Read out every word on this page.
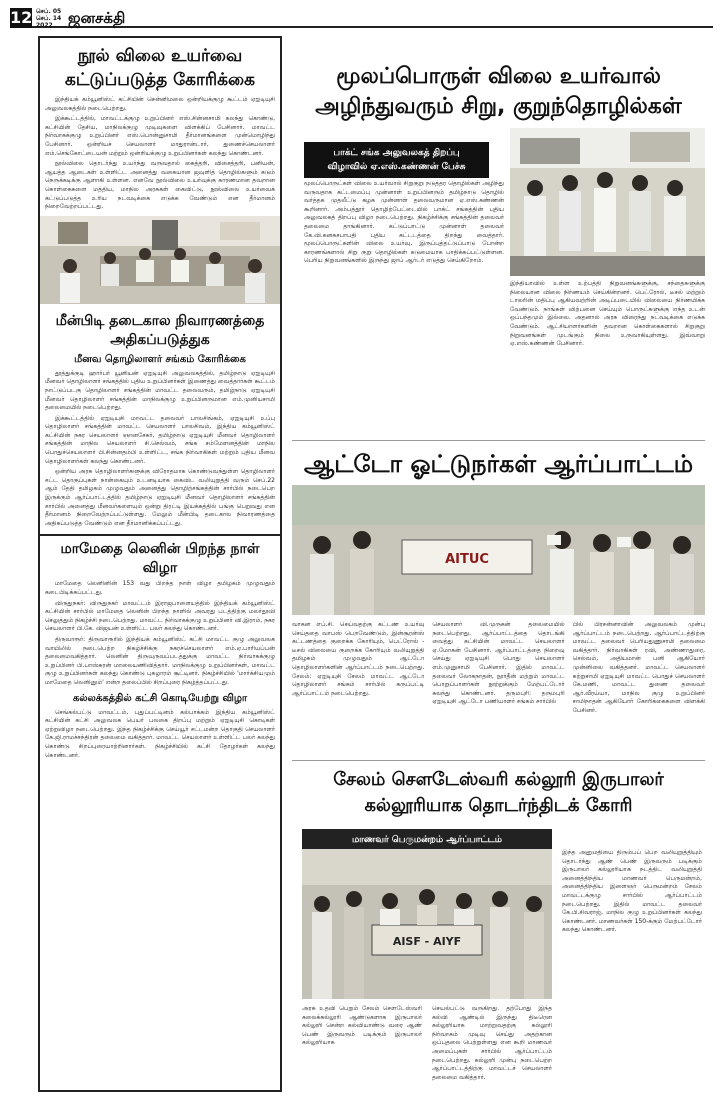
12 செப். 05
செப். 14
2022	ஜனசக்தி
நூல் விலை உயர்வை கட்டுப்படுத்த கோரிக்கை

இந்தியக் கம்யூனிஸ்ட் கட்சியின் சென்னிமலை ஒன்றியக்குழு கூட்டம் ஏஐடியுசி அலுவலகத்தில் நடைபெற்றது.

இக்கூட்டத்தில், மாவட்டக்குழு உறுப்பினர் எஸ்.சின்னசாமி கலந்து கொண்டு, கட்சியின் தேசிய, மாநிலக்குழு முடிவுகளை விளக்கிப் பேசினார். மாவட்ட நிர்வாகக்குழு உறுப்பினர் எஸ்.பொன்னுசாமி தீர்மானங்களை முன்மொழிந்து பேசினார். ஒன்றியச் செயலாளர் மாதுரான்டார், துணைச்செயலாளர் எம்.செங்கோட்டையன் மற்றும் ஒன்றியக்குழு உறுப்பினர்கள் கலந்து கொண்டனர்.

நூல்விலை தொடர்ந்து உயர்ந்து வருவதால் கைத்தறி, விசைத்தறி, பனியன், ஆயத்த ஆடைகள் உள்ளிட்ட அனைத்து வகையான ஜவுளித் தொழில்களும் கடும் நெருக்கடிக்கு ஆளாகி உள்ளன. எனவே நூல்விலை உயர்வுக்கு காரணமான தவறான கொள்கைகளை மத்திய, மாநில அரசுகள் கைவிட்டு, நூல்விலை உயர்வைக் கட்டுப்படுத்த உரிய நடவடிக்கை எடுக்க வேண்டும் என தீர்மானம் நிறைவேற்றப்பட்டது.

மீன்பிடி தடைகால நிவாரணத்தை அதிகப்படுத்துக
மீனவ தொழிலாளர் சங்கம் கோரிக்கை

தூத்துக்குடி ஹார்பர் யூனியன் ஏஐடியுசி அலுவலகத்தில், தமிழ்நாடு ஏஐடியுசி மீனவர் தொழிலாளர் சங்கத்தில் புதிய உறுப்பினர்கள் இணைத்து வைத்தார்கள் கூட்டம் நாட்டுப்படகு தொழிலாளர் சங்கத்தின் மாவட்ட தலைவரும், தமிழ்நாடு ஏஐடியுசி மீனவர் தொழிலாளர் சங்கத்தின் மாநிலக்குழு உறுப்பினருமான எம்.முனியசாமி தலைமையில் நடைபெற்றது.

இக்கூட்டத்தில் ஏஐடியுசி மாவட்ட தலைவர் பாலசிங்கம், ஏஐடியுசி உப்பு தொழிலாளர் சங்கத்தின் மாவட்ட செயலாளர் பாலசிவம், இந்திய கம்யூனிஸ்ட் கட்சியின் நகர செயலாளர் ஞானசேகர், தமிழ்நாடு ஏஐடியுசி மீனவர் தொழிலாளர் சங்கத்தின் மாநில செயலாளர் சி.செல்வம், சங்க சம்மேளனத்தின் மாநில பொதுச்செயலாளர் பி.சின்னதம்பி உள்ளிட்ட, சங்க நிர்வாகிகள் மற்றும் புதிய மீனவ தொழிலாளர்கள் கலந்து கொண்டனர்.

ஒன்றிய அரசு தொழிலாளர்களுக்கு விரோதமாக கொண்டுவந்துள்ள தொழிலாளர் சட்ட தொகுப்புகள் நான்கையும் உடனடியாக கைவிட வலியுறுத்தி வரும் செப்.22 ஆம் தேதி தமிழகம் முழுவதும் அனைத்து தொழிற்சங்கத்தின் சார்பில் நடைபெற இருக்கும் ஆர்ப்பாட்டத்தில் தமிழ்நாடு ஏஐடியுசி மீனவர் தொழிலாளர் சங்கத்தின் சார்பில் அனைத்து மீனவர்களையும் ஒன்று திரட்டி இயக்கத்தில் பங்கு பெறுவது என தீர்மானம் நிறைவேற்றப்பட்டுள்ளது. மேலும் மீன்பிடி தடைகால நிவாரணத்தை அதிகப்படுத்த வேண்டும் என தீர்மானிக்கப்பட்டது.

மாமேதை லெனின் பிறந்த நாள் விழா

மாமேதை லெனினின் 153 வது பிறந்த நாள் விழா தமிழகம் முழுவதும் கடைபிடிக்கப்பட்டது.

விருதுநகர்: விருதுநகர் மாவட்டம் இராஜபாளையத்தில் இந்தியக் கம்யூனிஸ்ட் கட்சியின் சார்பில் மாமேதை லெனின் பிறந்த நாளில் அவரது படத்திற்கு மலர்தூவி செலுத்தும் நிகழ்ச்சி நடைபெற்றது. மாவட்ட நிர்வாகக்குழு உறுப்பினர் வி.இராம், நகர செயலாளர் பி.கே. விஜயன் உள்ளிட்ட பலர் கலந்து கொண்டனர்.

திருவாரூர்: திருவாரூரில் இந்தியக் கம்யூனிஸ்ட் கட்சி மாவட்ட குழு அலுவலக வாயிலில் நடைபெற்ற நிகழ்ச்சிக்கு நகரச்செயலாளர் எம்.ஏ.பாரியப்பன் தலைமைவகித்தார். லெனின் திருவுருவப்படத்துக்கு மாவட்ட நிர்வாகக்குழு உறுப்பினர் பி.பாஸ்கரன் மாலையணிவித்தார். மாநிலக்குழு உறுப்பினர்கள், மாவட்ட குழு உறுப்பினர்கள் கலந்து கொண்டு புகழாரம் சூட்டினர். நிகழ்ச்சியில் 'மார்க்சியமும் மாமேதை லெனினும்' என்ற தலைப்பில் சிறப்புரை நிகழ்த்தப்பட்டது.

கல்லக்கத்தில் கட்சி கொடியேற்று விழா

செங்கல்பட்டு மாவட்டம், புதுப்பட்டினம் கல்பாக்கம் இந்திய கம்யூனிஸ்ட் கட்சியின் கட்சி அலுவலக பெயர் பலகை திறப்பு மற்றும் ஏஐடியுசி கொடிகள் ஏற்றுவிழா நடைபெற்றது. இந்த நிகழ்ச்சிக்கு செய்யூர் சட்டமன்ற தொகுதி செயலாளர் கே.ஜி.ராமச்சந்திரன் தலைமை வகித்தார். மாவட்ட செயலாளர் உள்ளிட்ட பலர் கலந்து கொண்டு சிறப்புரையாற்றினார்கள். நிகழ்ச்சியில் கட்சி தோழர்கள் கலந்து கொண்டனர்.

மூலப்பொருள் விலை உயர்வால் அழிந்துவரும் சிறு, குறுந்தொழில்கள்
பாக்ட் சங்க அலுவலகத் திறப்பு விழாவில் ஏ.எஸ்.கண்ணன் பேச்சு
மூலப்பொருட்கள் விலை உயர்வால் சிறுகுறு நடுத்தர தொழில்கள் அழிந்து வருவதாக கட்டமைப்பு முன்னாள் உறுப்பினரும் தமிழ்நாடு தொழில் வர்த்தக முதலீட்டு கழக முன்னாள் தலைவருமான ஏ.எஸ்.கண்ணன் கூறினார். அம்பத்தூர் தொழிற்பேட்டையில் பாக்ட் சங்கத்தின் புதிய அலுவலகத் திறப்பு விழா நடைபெற்றது. நிகழ்ச்சிக்கு சங்கத்தின் தலைவர் தலைமை தாங்கினார். கட்டுப்பாட்டு முன்னாள் தலைவர் கே.வி.கனகசபாபதி புதிய கட்டடத்தை திறந்து வைத்தார். மூலப்பொருட்களின் விலை உயர்வு, இருப்புத்தட்டுப்பாடு போன்ற காரணங்களால் சிறு குறு தொழில்கள் கடுமையாக பாதிக்கப்பட்டுள்ளன. பெரிய நிறுவனங்களில் இருந்து ஜாப் ஆர்டர் எடுத்து செய்கிறோம்.
இந்தியாவில் உள்ள உற்பத்தி நிறுவனங்களுக்கு, சந்தைகளுக்கு நிலையான விலை நிர்ணயம் செய்கின்றனர். பெட்ரோல், டீசல் மற்றும் டாலரின் மதிப்பு ஆகியவற்றின் அடிப்படையில் விலையை நிர்ணயிக்க வேண்டும். நாங்கள் விற்பனை செய்யும் பொருட்களுக்கு எந்த உடன் ஒப்பந்தமும் இல்லை. அதனால் அரசு விரைந்து நடவடிக்கை எடுக்க வேண்டும். ஆட்சியாளர்களின் தவறான கொள்கைகளால் சிறுகுறு நிறுவனங்கள் முடங்கும் நிலை உருவாகியுள்ளது. இவ்வாறு ஏ.எஸ்.கண்ணன் பேசினார்.
ஆட்டோ ஓட்டுநர்கள் ஆர்ப்பாட்டம்
AITUC
வாகன எப்.சி. செய்வதற்கு கட்டண உயர்வு செய்ததை வாபஸ் பெறவேண்டும், இன்சூரன்ஸ் கட்டணத்தை குறைக்க கோரியும், பெட்ரோல் - டீசல் விலையை குறைக்க கோரியும் வலியுறுத்தி தமிழகம் முழுவதும் ஆட்டோ தொழிலாளர்களின் ஆர்ப்பாட்டம் நடைபெற்றது. சேலம்: ஏஐடியுசி சேலம் மாவட்ட ஆட்டோ தொழிலாளர் சங்கம் சார்பில் கருப்பட்டி ஆர்ப்பாட்டம் நடைபெற்றது.
செயலாளர் வி.முருகன் தலைமையில் நடைபெற்றது. ஆர்ப்பாட்டத்தை தொடங்கி வைத்து கட்சியின் மாவட்ட செயலாளர் ஏ.மோகன் பேசினார். ஆர்ப்பாட்டத்தை நிறைவு செய்து ஏஐடியுசி பொது செயலாளர் எம்.முனுசாமி பேசினார். இதில் மாவட்ட தலைவர் லோகநாதன், நூர்தீன் மற்றும் மாவட்ட பொறுப்பாளர்கள் நூற்றுக்கும் மேற்பட்டோர் கலந்து கொண்டனர். தருமபுரி: தருமபுரி ஏஐடியுசி ஆட்டோ பணியாளர் சங்கம் சார்பில்
பில் பிரசன்னாவின் அலுவலகம் முன்பு ஆர்ப்பாட்டம் நடைபெற்றது. ஆர்ப்பாட்டத்திற்கு மாவட்ட தலைவர் பெரியதுணுசாமி தலைமை வகித்தார். நிர்வாகிகள் ரவி, அண்ணாதுரை, செல்வம், அதியமான் பனி ஆகியோர் முன்னிலை வகித்தனர். மாவட்ட செயலாளர் சுற்றுசாமி ஏஐடியுசி மாவட்ட பொதுச் செயலாளர் கே.மணி, மாவட்ட துணை தலைவர் ஆர்.வீரய்யா, மாநில குழு உறுப்பினர் சாமிநாதன் ஆகியோர் கோரிக்கைகளை விளக்கி பேசினர்.
சேலம் சௌடேஸ்வரி கல்லூரி இருபாலர் கல்லூரியாக தொடர்ந்திடக் கோரி
மாணவர் பெருமன்றம் ஆர்ப்பாட்டம்
AISF - AIYF
அரசு உதவி பெறும் சேலம் சௌடேஸ்வரி கலைக்கல்லூரி ஆண்டுகளாக இருபாலர் கல்லூரி சென்ற கல்வியாண்டு வரை ஆண் பெண் இருவரும் படிக்கும் இருபாலர் கல்லூரியாக
செயல்பட்டு வருகிறது. தற்போது இந்த கல்வி ஆண்டில் இருந்து திடீரென கல்லூரியாக மாற்றுவதற்கு கல்லூரி நிர்வாகம் முடிவு செய்து அதற்கான ஒப்புதலை பெற்றுள்ளது என கூறி மாணவர் அமைப்புகள் சார்பில் ஆர்ப்பாட்டம் நடைபெற்றது. கல்லூரி முன்பு நடைபெற்ற ஆர்ப்பாட்டத்திற்கு மாவட்டச் செயலாளர் தலைமை வகித்தார்.
இந்த அனுமதியை திரும்பப் பெற வலியுறுத்தியும் தொடர்ந்து ஆண் பெண் இருவரும் படிக்கும் இருபாலர் கல்லூரியாக நடத்திட வலியுறுத்தி அனைத்திந்திய மாணவர் பெருமன்றம், அனைத்திந்திய இளைஞர் பெருமன்றம் சேலம் மாவட்டக்குழு சார்பில் ஆர்ப்பாட்டம் நடைபெற்றது. இதில் மாவட்ட தலைவர் கே.பி.சிவராஜ், மாநில குழு உறுப்பினர்கள் கலந்து கொண்டனர். மாணவர்கள் 150-க்கும் மேற்பட்டோர் கலந்து கொண்டனர்.
